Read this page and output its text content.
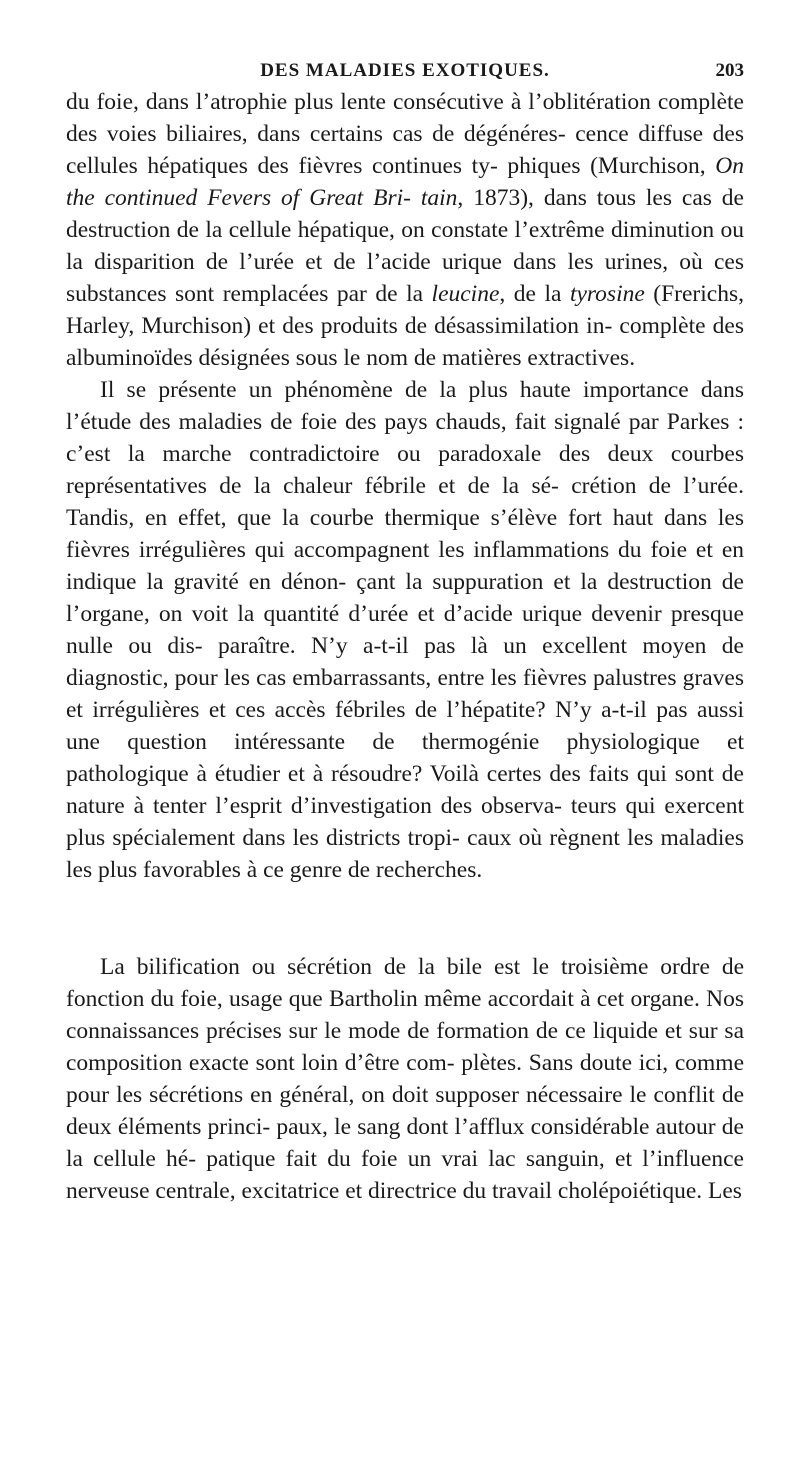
DES MALADIES EXOTIQUES.	203

du foie, dans l’atrophie plus lente consécutive à l’oblitération complète des voies biliaires, dans certains cas de dégénéres- cence diffuse des cellules hépatiques des fièvres continues ty- phiques (Murchison, On the continued Fevers of Great Bri- tain, 1873), dans tous les cas de destruction de la cellule hépatique, on constate l’extrême diminution ou la disparition de l’urée et de l’acide urique dans les urines, où ces substances sont remplacées par de la leucine, de la tyrosine (Frerichs, Harley, Murchison) et des produits de désassimilation in- complète des albuminoïdes désignées sous le nom de matières extractives.

Il se présente un phénomène de la plus haute importance dans l’étude des maladies de foie des pays chauds, fait signalé par Parkes : c’est la marche contradictoire ou paradoxale des deux courbes représentatives de la chaleur fébrile et de la sé- crétion de l’urée. Tandis, en effet, que la courbe thermique s’élève fort haut dans les fièvres irrégulières qui accompagnent les inflammations du foie et en indique la gravité en dénon- çant la suppuration et la destruction de l’organe, on voit la quantité d’urée et d’acide urique devenir presque nulle ou dis- paraître. N’y a-t-il pas là un excellent moyen de diagnostic, pour les cas embarrassants, entre les fièvres palustres graves et irrégulières et ces accès fébriles de l’hépatite? N’y a-t-il pas aussi une question intéressante de thermogénie physiologique et pathologique à étudier et à résoudre? Voilà certes des faits qui sont de nature à tenter l’esprit d’investigation des observa- teurs qui exercent plus spécialement dans les districts tropi- caux où règnent les maladies les plus favorables à ce genre de recherches.

La bilification ou sécrétion de la bile est le troisième ordre de fonction du foie, usage que Bartholin même accordait à cet organe. Nos connaissances précises sur le mode de formation de ce liquide et sur sa composition exacte sont loin d’être com- plètes. Sans doute ici, comme pour les sécrétions en général, on doit supposer nécessaire le conflit de deux éléments princi- paux, le sang dont l’afflux considérable autour de la cellule hé- patique fait du foie un vrai lac sanguin, et l’influence nerveuse centrale, excitatrice et directrice du travail cholépoiétique. Les
